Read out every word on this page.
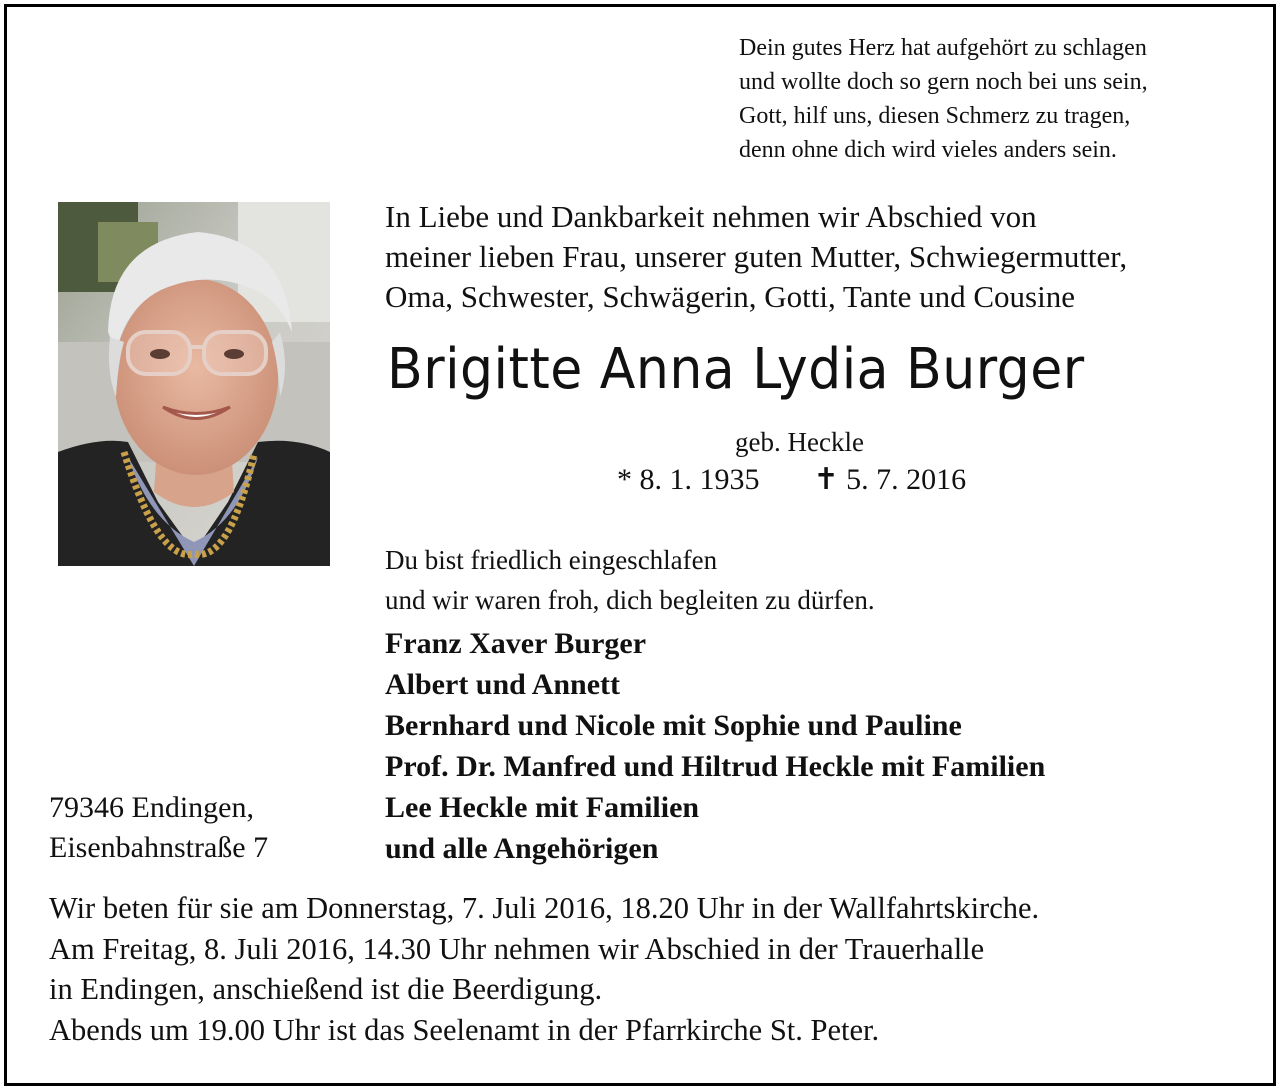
Dein gutes Herz hat aufgehört zu schlagen
und wollte doch so gern noch bei uns sein,
Gott, hilf uns, diesen Schmerz zu tragen,
denn ohne dich wird vieles anders sein.
In Liebe und Dankbarkeit nehmen wir Abschied von
meiner lieben Frau, unserer guten Mutter, Schwiegermutter,
Oma, Schwester, Schwägerin, Gotti, Tante und Cousine
Brigitte Anna Lydia Burger
geb. Heckle
* 8. 1. 1935 ✝ 5. 7. 2016
Du bist friedlich eingeschlafen
und wir waren froh, dich begleiten zu dürfen.
Franz Xaver Burger
Albert und Annett
Bernhard und Nicole mit Sophie und Pauline
Prof. Dr. Manfred und Hiltrud Heckle mit Familien
Lee Heckle mit Familien
und alle Angehörigen
79346 Endingen,
Eisenbahnstraße 7
Wir beten für sie am Donnerstag, 7. Juli 2016, 18.20 Uhr in der Wallfahrtskirche.
Am Freitag, 8. Juli 2016, 14.30 Uhr nehmen wir Abschied in der Trauerhalle
in Endingen, anschießend ist die Beerdigung.
Abends um 19.00 Uhr ist das Seelenamt in der Pfarrkirche St. Peter.
